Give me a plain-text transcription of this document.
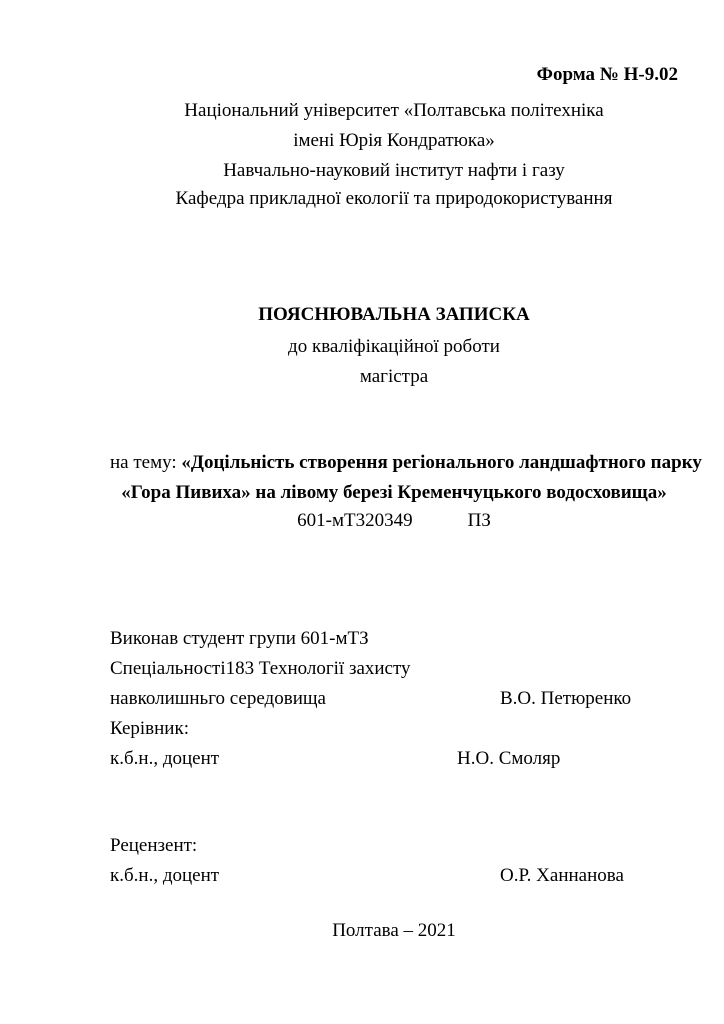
Форма № Н-9.02
Національний університет «Полтавська політехніка
імені Юрія Кондратюка»
Навчально-науковий інститут нафти і газу
Кафедра прикладної екології та природокористування
ПОЯСНЮВАЛЬНА ЗАПИСКА
до кваліфікаційної роботи
магістра
на тему: «Доцільність створення регіонального ландшафтного парку
«Гора Пивиха» на лівому березі Кременчуцького водосховища»
601-мТ320349	ПЗ
Виконав студент групи 601-мТЗ
Спеціальності183 Технології захисту
навколишньго середовища	В.О. Петюренко
Керівник:
к.б.н., доцент	Н.О. Смоляр
Рецензент:
к.б.н., доцент	О.Р. Ханнанова
Полтава – 2021
